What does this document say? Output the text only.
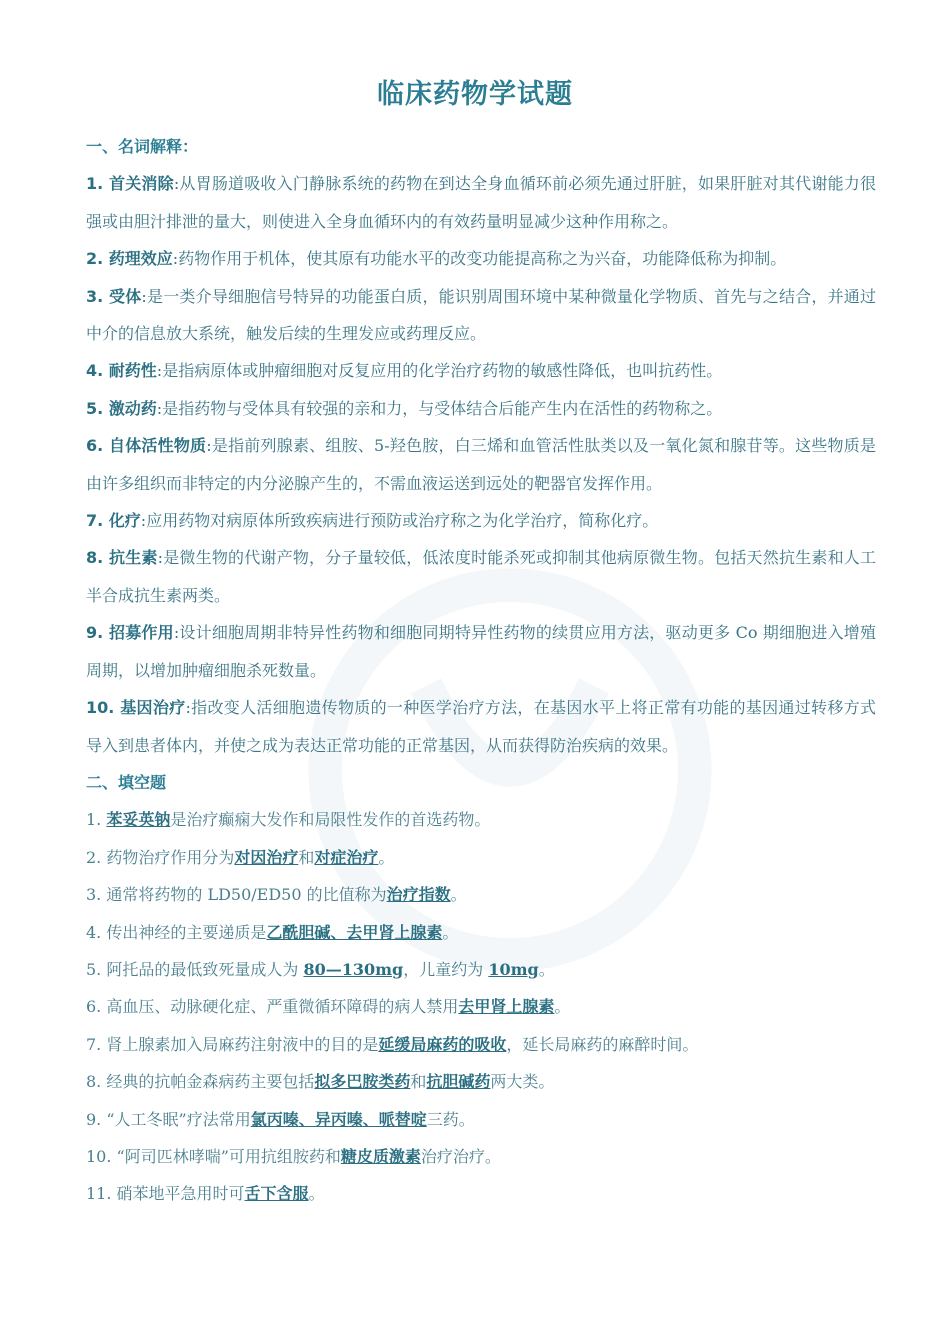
临床药物学试题
一、名词解释：
1. 首关消除:从胃肠道吸收入门静脉系统的药物在到达全身血循环前必须先通过肝脏，如果肝脏对其代谢能力很强或由胆汁排泄的量大，则使进入全身血循环内的有效药量明显减少这种作用称之。
2. 药理效应:药物作用于机体，使其原有功能水平的改变功能提高称之为兴奋，功能降低称为抑制。
3. 受体:是一类介导细胞信号特异的功能蛋白质，能识别周围环境中某种微量化学物质、首先与之结合，并通过中介的信息放大系统，触发后续的生理发应或药理反应。
4. 耐药性:是指病原体或肿瘤细胞对反复应用的化学治疗药物的敏感性降低，也叫抗药性。
5. 激动药:是指药物与受体具有较强的亲和力，与受体结合后能产生内在活性的药物称之。
6. 自体活性物质:是指前列腺素、组胺、5-羟色胺，白三烯和血管活性肽类以及一氧化氮和腺苷等。这些物质是由许多组织而非特定的内分泌腺产生的，不需血液运送到远处的靶器官发挥作用。
7. 化疗:应用药物对病原体所致疾病进行预防或治疗称之为化学治疗，简称化疗。
8. 抗生素:是微生物的代谢产物，分子量较低，低浓度时能杀死或抑制其他病原微生物。包括天然抗生素和人工半合成抗生素两类。
9. 招募作用:设计细胞周期非特异性药物和细胞同期特异性药物的续贯应用方法，驱动更多 Co 期细胞进入增殖周期，以增加肿瘤细胞杀死数量。
10. 基因治疗:指改变人活细胞遗传物质的一种医学治疗方法，在基因水平上将正常有功能的基因通过转移方式导入到患者体内，并使之成为表达正常功能的正常基因，从而获得防治疾病的效果。
二、填空题
1. 苯妥英钠是治疗癫痫大发作和局限性发作的首选药物。
2. 药物治疗作用分为对因治疗和对症治疗。
3. 通常将药物的 LD50/ED50 的比值称为治疗指数。
4. 传出神经的主要递质是乙酰胆碱、去甲肾上腺素。
5. 阿托品的最低致死量成人为 80—130mg，儿童约为 10mg。
6. 高血压、动脉硬化症、严重微循环障碍的病人禁用去甲肾上腺素。
7. 肾上腺素加入局麻药注射液中的目的是延缓局麻药的吸收，延长局麻药的麻醉时间。
8. 经典的抗帕金森病药主要包括拟多巴胺类药和抗胆碱药两大类。
9. “人工冬眠”疗法常用氯丙嗪、异丙嗪、哌替啶三药。
10. “阿司匹林哮喘”可用抗组胺药和糖皮质激素治疗治疗。
11. 硝苯地平急用时可舌下含服。
